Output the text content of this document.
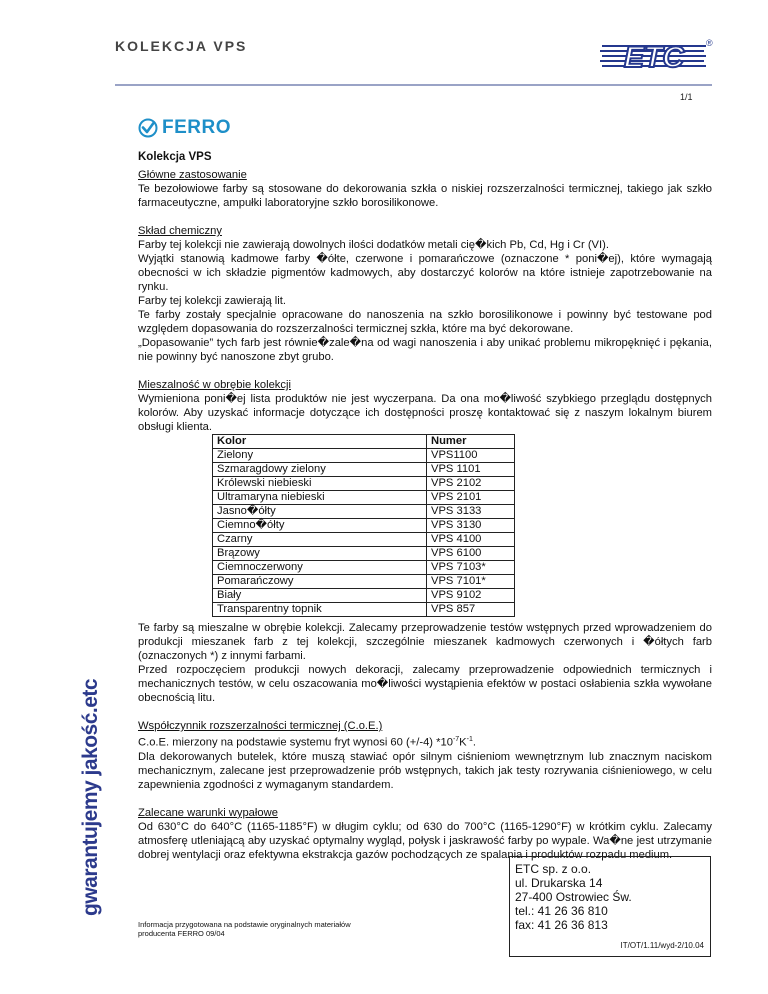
KOLEKCJA VPS	ETC ®
1/1
FERRO
gwarantujemy jakość.etc

Kolekcja VPS

Główne zastosowanie

Te bezołowiowe farby są stosowane do dekorowania szkła o niskiej rozszerzalności termicznej, takiego jak szkło farmaceutyczne, ampułki laboratoryjne szkło borosilikonowe.

Skład chemiczny

Farby tej kolekcji nie zawierają dowolnych ilości dodatków metali cię�kich Pb, Cd, Hg i Cr (VI).

Wyjątki stanowią kadmowe farby �ółte, czerwone i pomarańczowe (oznaczone * poni�ej), które wymagają obecności w ich składzie pigmentów kadmowych, aby dostarczyć kolorów na które istnieje zapotrzebowanie na rynku.

Farby tej kolekcji zawierają lit.

Te farby zostały specjalnie opracowane do nanoszenia na szkło borosilikonowe i powinny być testowane pod względem dopasowania do rozszerzalności termicznej szkła, które ma być dekorowane.

„Dopasowanie” tych farb jest równie�zale�na od wagi nanoszenia i aby unikać problemu mikropęknięć i pękania, nie powinny być nanoszone zbyt grubo.

Mieszalność w obrębie kolekcji

Wymieniona poni�ej lista produktów nie jest wyczerpana. Da ona mo�liwość szybkiego przeglądu dostępnych kolorów. Aby uzyskać informacje dotyczące ich dostępności proszę kontaktować się z naszym lokalnym biurem obsługi klienta.

Kolor	Numer
Zielony	VPS1100
Szmaragdowy zielony	VPS 1101
Królewski niebieski	VPS 2102
Ultramaryna niebieski	VPS 2101
Jasno�ółty	VPS 3133
Ciemno�ółty	VPS 3130
Czarny	VPS 4100
Brązowy	VPS 6100
Ciemnoczerwony	VPS 7103*
Pomarańczowy	VPS 7101*
Biały	VPS 9102
Transparentny topnik	VPS 857

Te farby są mieszalne w obrębie kolekcji. Zalecamy przeprowadzenie testów wstępnych przed wprowadzeniem do produkcji mieszanek farb z tej kolekcji, szczególnie mieszanek kadmowych czerwonych i �ółtych farb (oznaczonych *) z innymi farbami.

Przed rozpoczęciem produkcji nowych dekoracji, zalecamy przeprowadzenie odpowiednich termicznych i mechanicznych testów, w celu oszacowania mo�liwości wystąpienia efektów w postaci osłabienia szkła wywołane obecnością litu.

Współczynnik rozszerzalności termicznej (C.o.E.)

C.o.E. mierzony na podstawie systemu fryt wynosi 60 (+/-4) $*10^{-7}K^{-1}$.

Dla dekorowanych butelek, które muszą stawiać opór silnym ciśnieniom wewnętrznym lub znacznym naciskom mechanicznym, zalecane jest przeprowadzenie prób wstępnych, takich jak testy rozrywania ciśnieniowego, w celu zapewnienia zgodności z wymaganym standardem.

Zalecane warunki wypałowe

Od 630°C do 640°C (1165-1185°F) w długim cyklu; od 630 do 700°C (1165-1290°F) w krótkim cyklu. Zalecamy atmosferę utleniającą aby uzyskać optymalny wygląd, połysk i jaskrawość farby po wypale. Wa�ne jest utrzymanie dobrej wentylacji oraz efektywna ekstrakcja gazów pochodzących ze spalania i produktów rozpadu medium.

ETC sp. z o.o.
ul. Drukarska 14
27-400 Ostrowiec Św.
tel.: 41 26 36 810
fax: 41 26 36 813
IT/OT/1.11/wyd-2/10.04
Informacja przygotowana na podstawie oryginalnych materiałów
producenta FERRO 09/04
